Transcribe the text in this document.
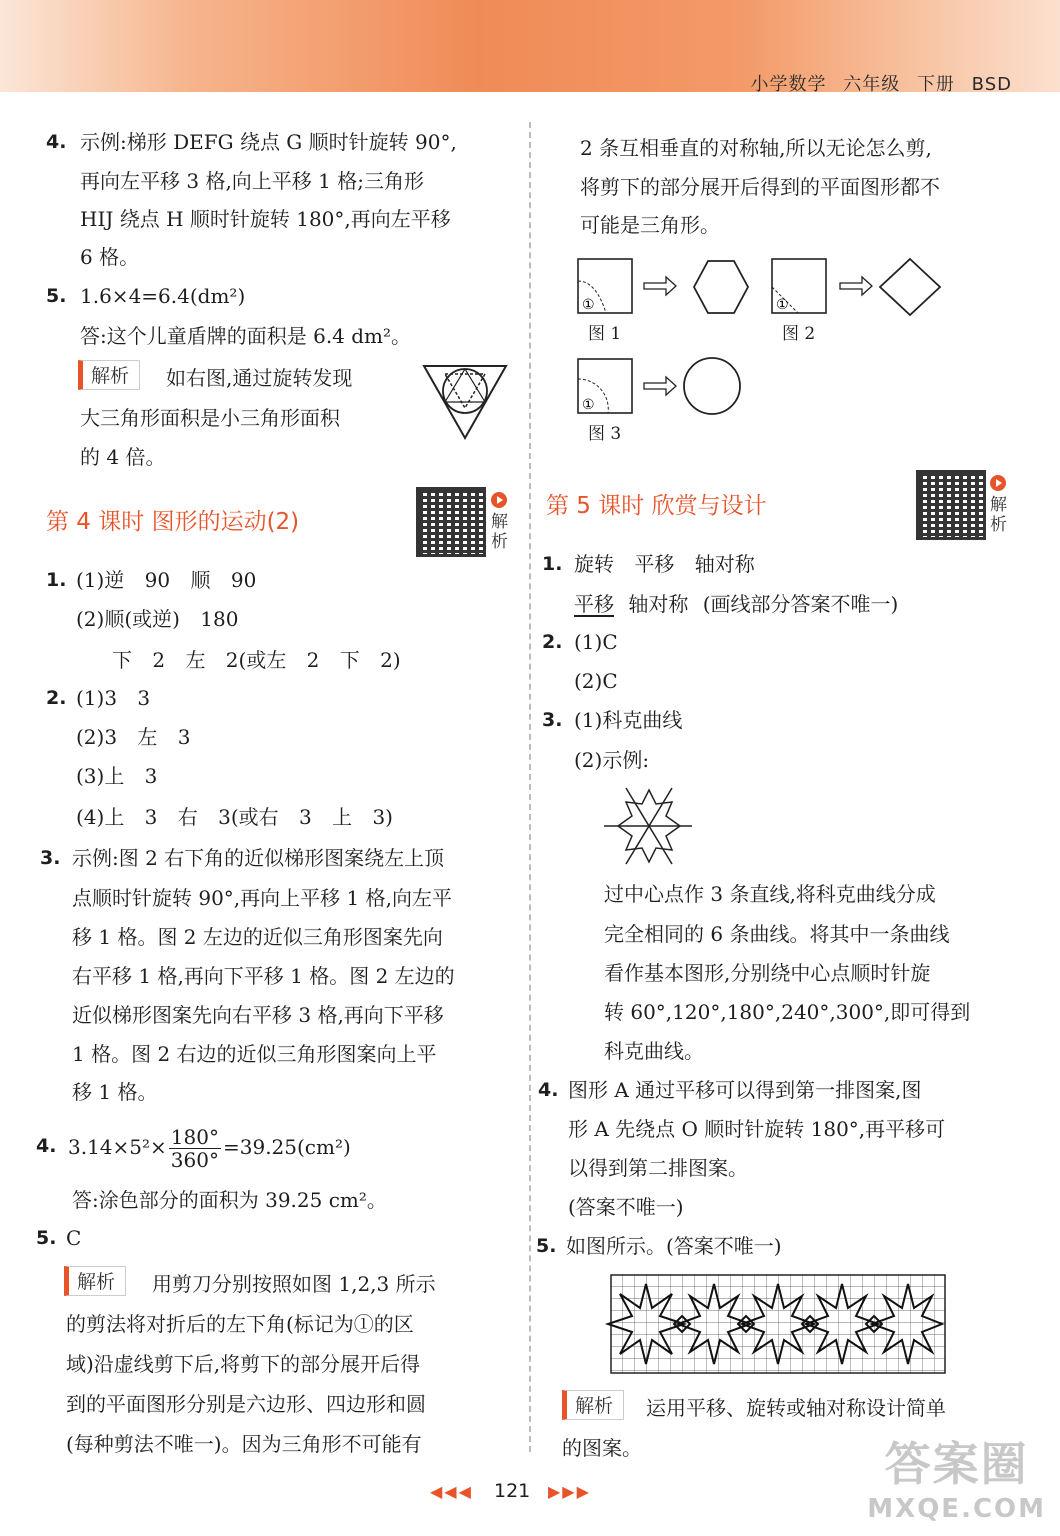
小学数学 六年级 下册 BSD
4. 示例:梯形 DEFG 绕点 G 顺时针旋转 90°,
再向左平移 3 格,向上平移 1 格;三角形
HIJ 绕点 H 顺时针旋转 180°,再向左平移
6 格。
5. 1.6×4=6.4(dm²)
答:这个儿童盾牌的面积是 6.4 dm²。
解析	如右图,通过旋转发现
大三角形面积是小三角形面积
的 4 倍。
第 4 课时 图形的运动(2)	解析
1. (1)逆 90 顺 90
(2)顺(或逆) 180
下 2 左 2(或左 2 下 2)
2. (1)3 3
(2)3 左 3
(3)上 3
(4)上 3 右 3(或右 3 上 3)
3. 示例:图 2 右下角的近似梯形图案绕左上顶
点顺时针旋转 90°,再向上平移 1 格,向左平
移 1 格。图 2 左边的近似三角形图案先向
右平移 1 格,再向下平移 1 格。图 2 左边的
近似梯形图案先向右平移 3 格,再向下平移
1 格。图 2 右边的近似三角形图案向上平
移 1 格。
4. $3.14\times 5^2\times \frac{180^\circ}{360^\circ} =39.25(cm^2)$
答:涂色部分的面积为 39.25 cm²。
5. C
解析	用剪刀分别按照如图 1,2,3 所示
的剪法将对折后的左下角(标记为①的区
域)沿虚线剪下后,将剪下的部分展开后得
到的平面图形分别是六边形、四边形和圆
(每种剪法不唯一)。因为三角形不可能有
2 条互相垂直的对称轴,所以无论怎么剪,
将剪下的部分展开后得到的平面图形都不
可能是三角形。
①
图 1
①
图 2
①
图 3
第 5 课时 欣赏与设计	解析
1. 旋转 平移 轴对称
平移 轴对称 (画线部分答案不唯一)
2. (1)C
(2)C
3. (1)科克曲线
(2)示例:
过中心点作 3 条直线,将科克曲线分成
完全相同的 6 条曲线。将其中一条曲线
看作基本图形,分别绕中心点顺时针旋
转 60°,120°,180°,240°,300°,即可得到
科克曲线。
4. 图形 A 通过平移可以得到第一排图案,图
形 A 先绕点 O 顺时针旋转 180°,再平移可
以得到第二排图案。
(答案不唯一)
5. 如图所示。(答案不唯一)
解析	运用平移、旋转或轴对称设计简单
的图案。
◀◀◀ 121 ▶▶▶
答案圈
MXQE.COM
